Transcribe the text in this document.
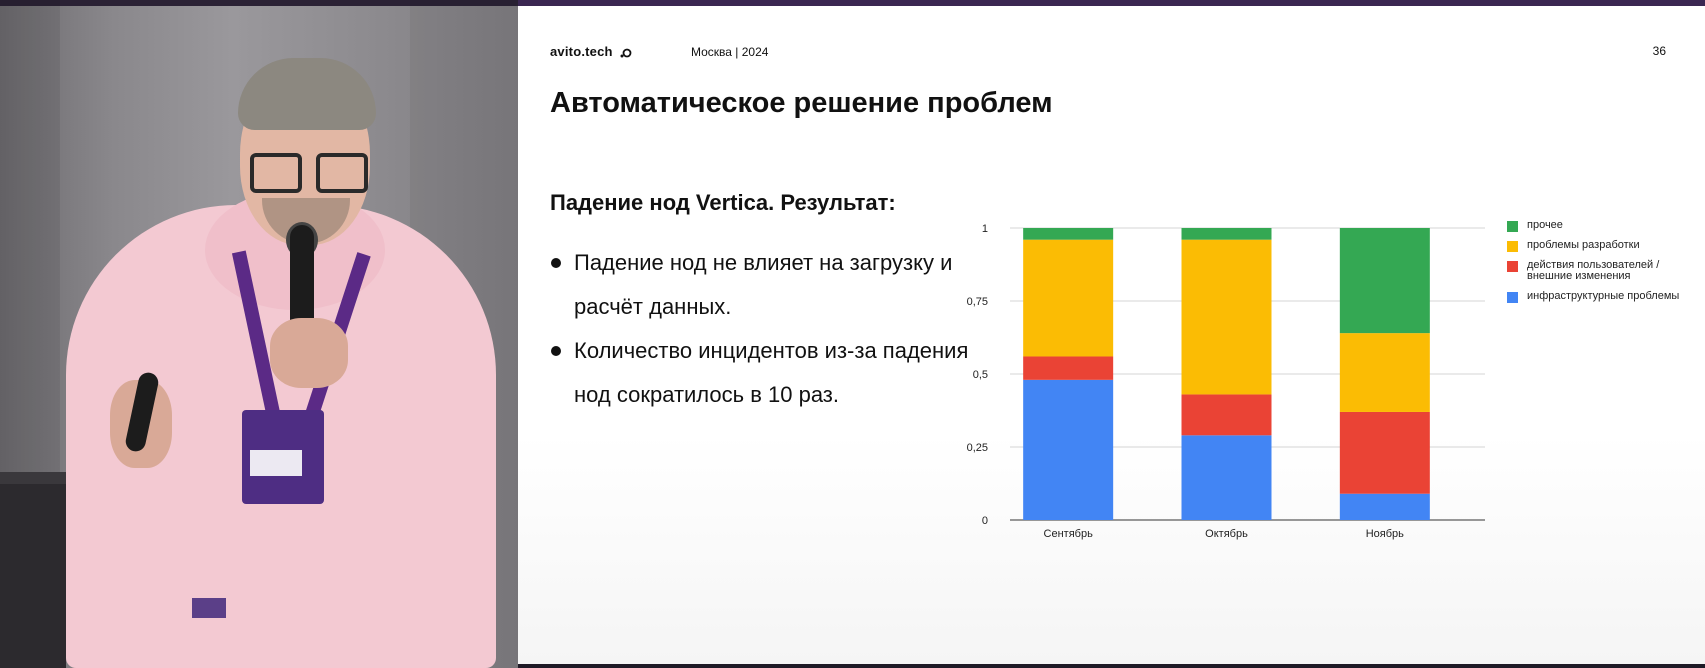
avito.tech	Москва | 2024	36
Автоматическое решение проблем
Падение нод Vertica. Результат:
Падение нод не влияет на загрузку и расчёт данных.
Количество инцидентов из-за падения нод сократилось в 10 раз.
0
0,25
0,5
0,75
1
Сентябрь	Октябрь	Ноябрь
прочее
проблемы разработки
действия пользователей / внешние изменения
инфраструктурные проблемы
